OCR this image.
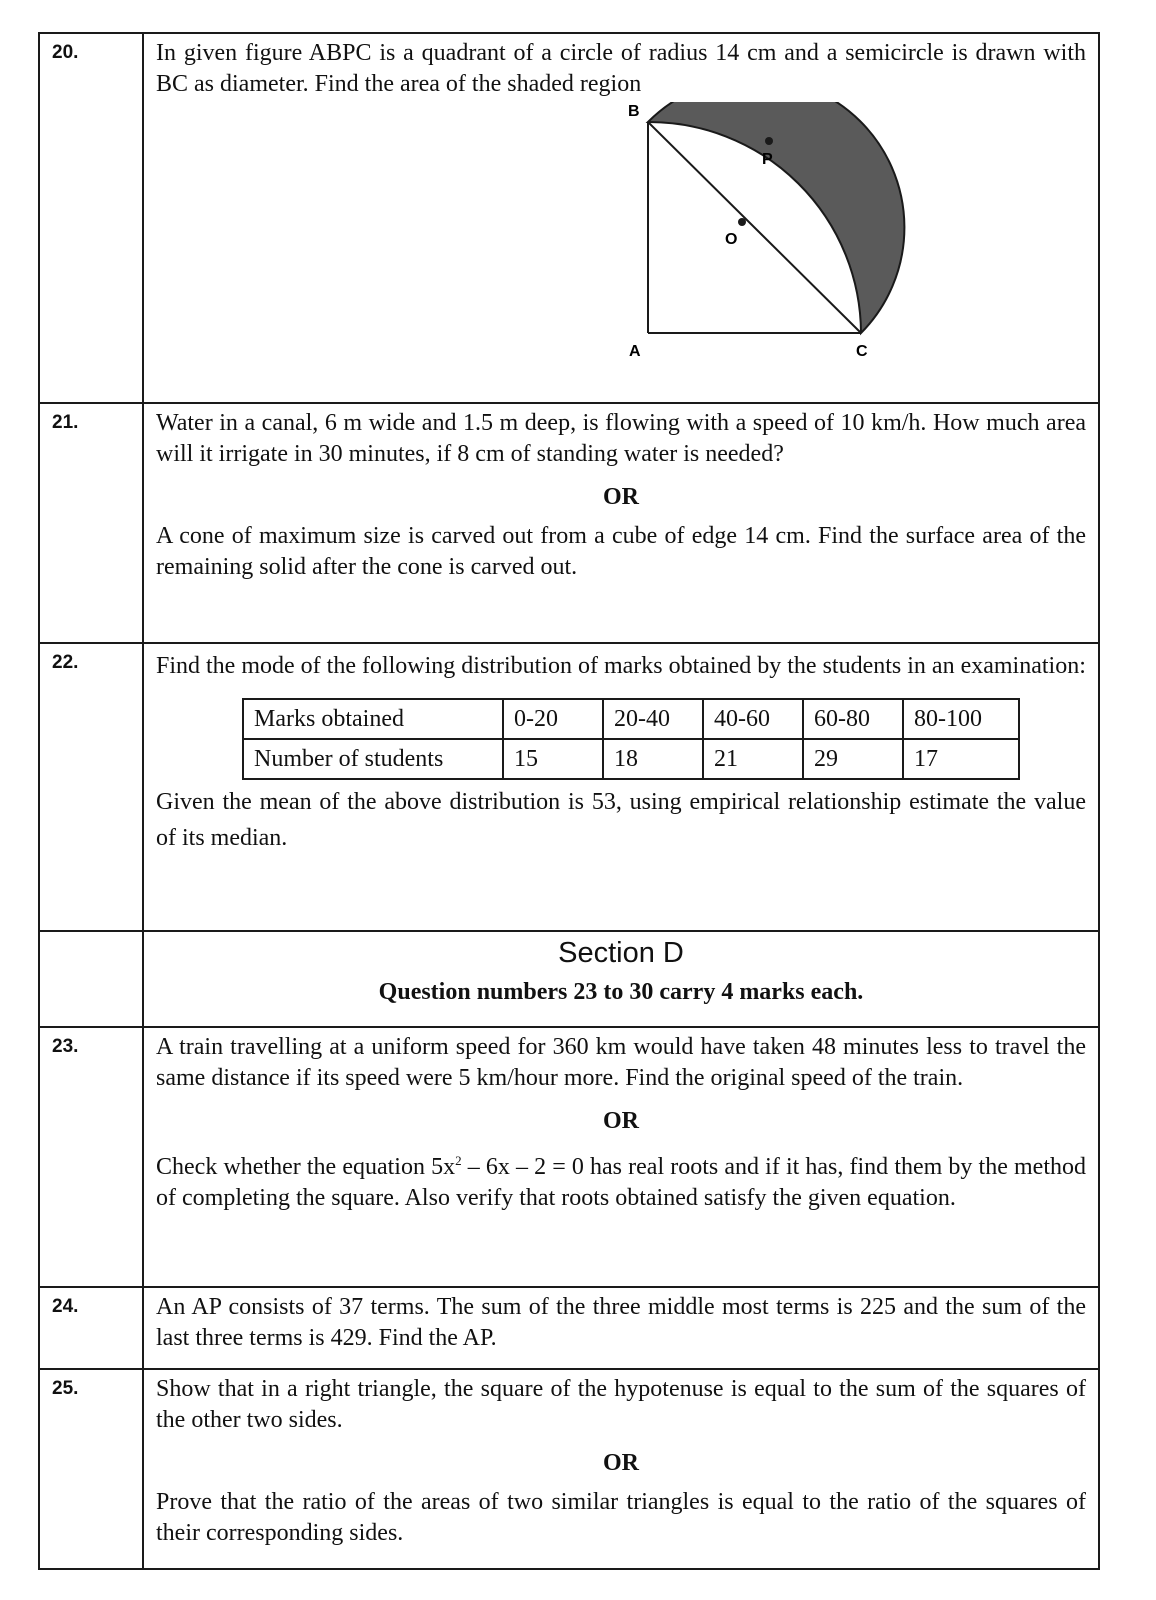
20.	In given figure ABPC is a quadrant of a circle of radius 14 cm and a semicircle is drawn with BC as diameter. Find the area of the shaded region

B
P
O
A	C

21.	Water in a canal, 6 m wide and 1.5 m deep, is flowing with a speed of 10 km/h. How much area will it irrigate in 30 minutes, if 8 cm of standing water is needed?

OR

A cone of maximum size is carved out from a cube of edge 14 cm. Find the surface area of the remaining solid after the cone is carved out.

22.	Find the mode of the following distribution of marks obtained by the students in an examination:

Marks obtained	0-20	20-40	40-60	60-80	80-100
Number of students	15	18	21	29	17

Given the mean of the above distribution is 53, using empirical relationship estimate the value of its median.

Section D

Question numbers 23 to 30 carry 4 marks each.

23.	A train travelling at a uniform speed for 360 km would have taken 48 minutes less to travel the same distance if its speed were 5 km/hour more. Find the original speed of the train.

OR

Check whether the equation $5x^2 - 6x - 2 = 0$ has real roots and if it has, find them by the method of completing the square. Also verify that roots obtained satisfy the given equation.

24.	An AP consists of 37 terms. The sum of the three middle most terms is 225 and the sum of the last three terms is 429. Find the AP.

25.	Show that in a right triangle, the square of the hypotenuse is equal to the sum of the squares of the other two sides.

OR

Prove that the ratio of the areas of two similar triangles is equal to the ratio of the squares of their corresponding sides.
